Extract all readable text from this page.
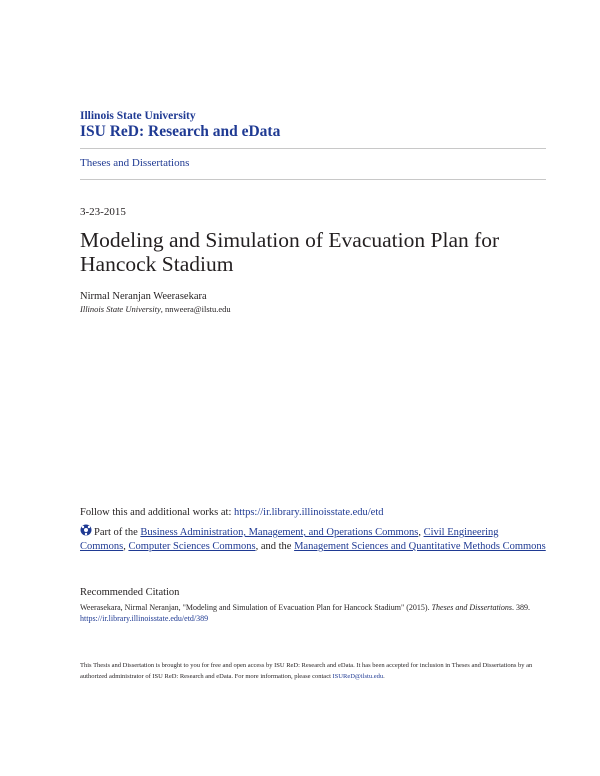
Illinois State University
ISU ReD: Research and eData
Theses and Dissertations
3-23-2015
Modeling and Simulation of Evacuation Plan for Hancock Stadium
Nirmal Neranjan Weerasekara
Illinois State University, nnweera@ilstu.edu
Follow this and additional works at: https://ir.library.illinoisstate.edu/etd
Part of the Business Administration, Management, and Operations Commons, Civil Engineering Commons, Computer Sciences Commons, and the Management Sciences and Quantitative Methods Commons
Recommended Citation
Weerasekara, Nirmal Neranjan, "Modeling and Simulation of Evacuation Plan for Hancock Stadium" (2015). Theses and Dissertations. 389.
https://ir.library.illinoisstate.edu/etd/389
This Thesis and Dissertation is brought to you for free and open access by ISU ReD: Research and eData. It has been accepted for inclusion in Theses and Dissertations by an authorized administrator of ISU ReD: Research and eData. For more information, please contact ISUReD@ilstu.edu.
